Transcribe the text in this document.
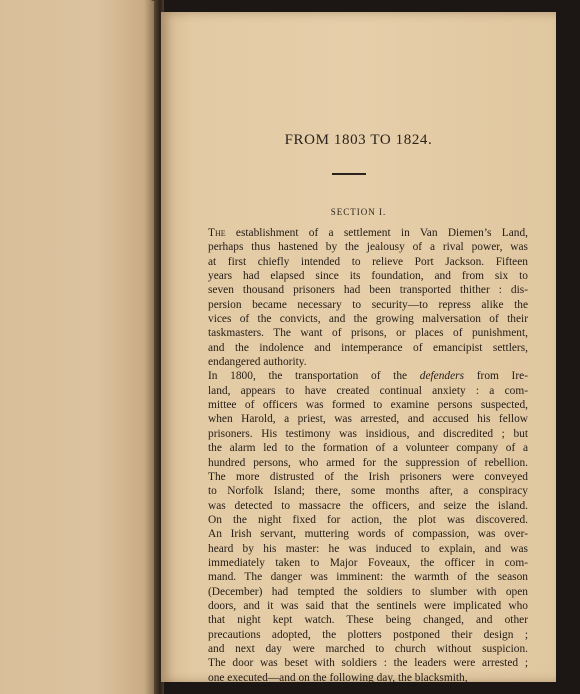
FROM 1803 TO 1824.
SECTION I.
The establishment of a settlement in Van Diemen’s Land,
perhaps thus hastened by the jealousy of a rival power, was
at first chiefly intended to relieve Port Jackson. Fifteen
years had elapsed since its foundation, and from six to
seven thousand prisoners had been transported thither : dis-
persion became necessary to security—to repress alike the
vices of the convicts, and the growing malversation of their
taskmasters. The want of prisons, or places of punishment,
and the indolence and intemperance of emancipist settlers,
endangered authority.
In 1800, the transportation of the defenders from Ire-
land, appears to have created continual anxiety : a com-
mittee of officers was formed to examine persons suspected,
when Harold, a priest, was arrested, and accused his fellow
prisoners. His testimony was insidious, and discredited ; but
the alarm led to the formation of a volunteer company of a
hundred persons, who armed for the suppression of rebellion.
The more distrusted of the Irish prisoners were conveyed
to Norfolk Island; there, some months after, a conspiracy
was detected to massacre the officers, and seize the island.
On the night fixed for action, the plot was discovered.
An Irish servant, muttering words of compassion, was over-
heard by his master: he was induced to explain, and was
immediately taken to Major Foveaux, the officer in com-
mand. The danger was imminent: the warmth of the season
(December) had tempted the soldiers to slumber with open
doors, and it was said that the sentinels were implicated who
that night kept watch. These being changed, and other
precautions adopted, the plotters postponed their design ;
and next day were marched to church without suspicion.
The door was beset with soldiers : the leaders were arrested ;
one executed—and on the following day, the blacksmith,
